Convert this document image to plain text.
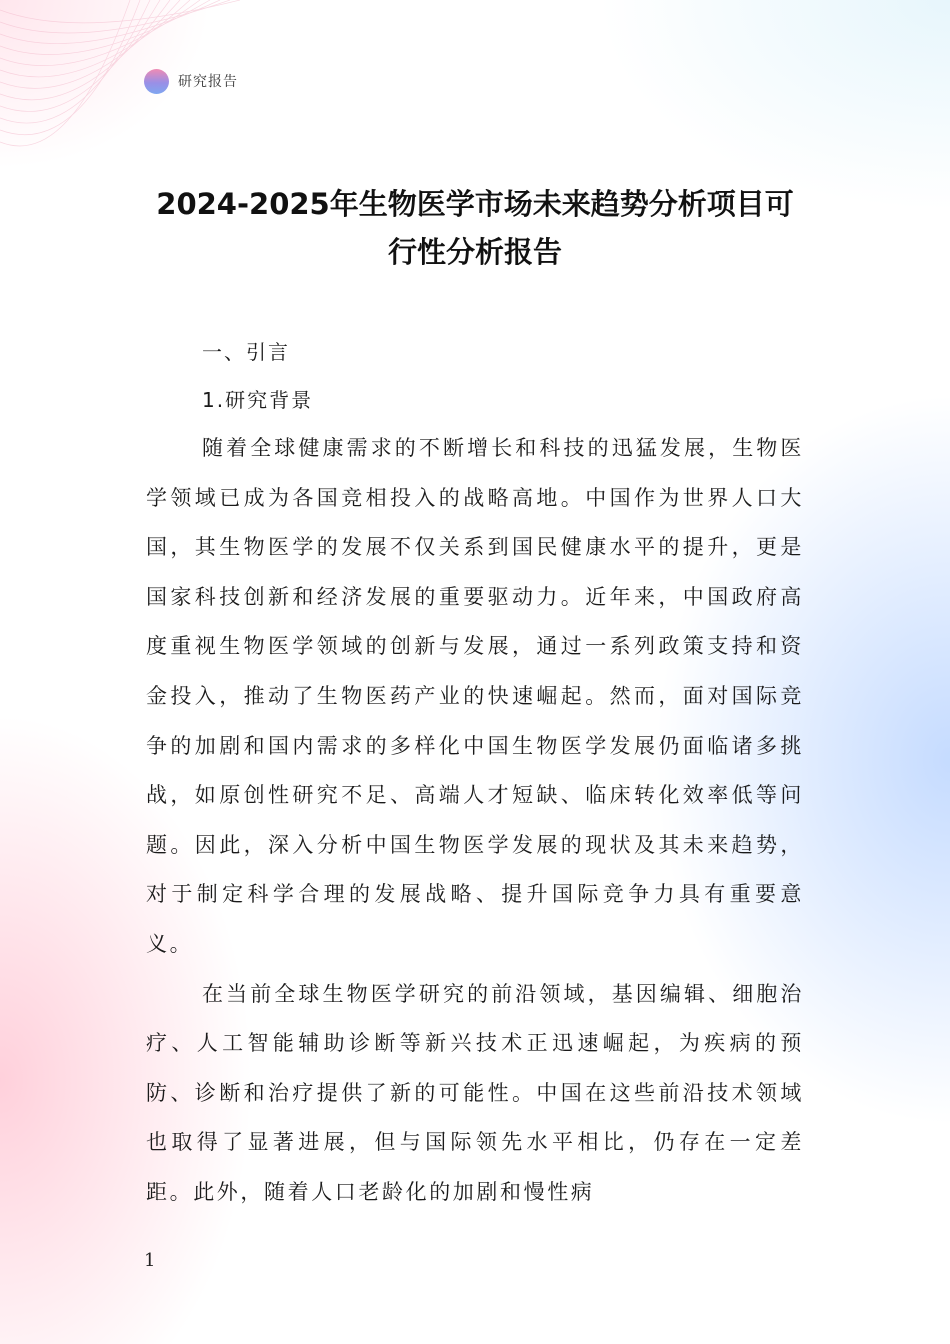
研究报告
2024-2025年生物医学市场未来趋势分析项目可
行性分析报告
一、引言
1.研究背景

随着全球健康需求的不断增长和科技的迅猛发展，生物医学领域已成为各国竞相投入的战略高地。中国作为世界人口大国，其生物医学的发展不仅关系到国民健康水平的提升，更是国家科技创新和经济发展的重要驱动力。近年来，中国政府高度重视生物医学领域的创新与发展，通过一系列政策支持和资金投入，推动了生物医药产业的快速崛起。然而，面对国际竞争的加剧和国内需求的多样化中国生物医学发展仍面临诸多挑战，如原创性研究不足、高端人才短缺、临床转化效率低等问题。因此，深入分析中国生物医学发展的现状及其未来趋势，对于制定科学合理的发展战略、提升国际竞争力具有重要意义。

在当前全球生物医学研究的前沿领域，基因编辑、细胞治疗、人工智能辅助诊断等新兴技术正迅速崛起，为疾病的预防、诊断和治疗提供了新的可能性。中国在这些前沿技术领域也取得了显著进展，但与国际领先水平相比，仍存在一定差距。此外，随着人口老龄化的加剧和慢性病

1
